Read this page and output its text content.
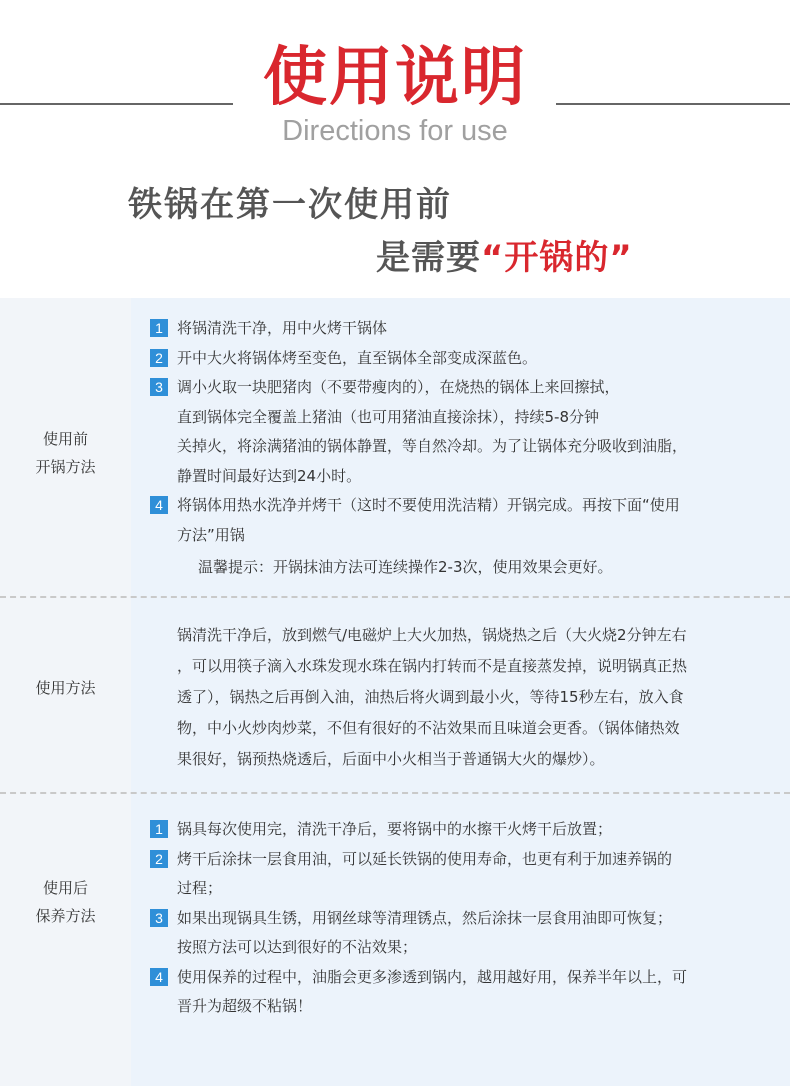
使用说明
Directions for use
铁锅在第一次使用前
是需要“开锅的”
使用前
开锅方法
1 将锅清洗干净，用中火烤干锅体
2 开中大火将锅体烤至变色，直至锅体全部变成深蓝色。
3 调小火取一块肥猪肉（不要带瘦肉的），在烧热的锅体上来回擦拭，
直到锅体完全覆盖上猪油（也可用猪油直接涂抹），持续5-8分钟
关掉火，将涂满猪油的锅体静置，等自然冷却。为了让锅体充分吸收到油脂，
静置时间最好达到24小时。
4 将锅体用热水洗净并烤干（这时不要使用洗洁精）开锅完成。再按下面“使用
方法”用锅
温馨提示：开锅抹油方法可连续操作2-3次，使用效果会更好。
使用方法
锅清洗干净后，放到燃气/电磁炉上大火加热，锅烧热之后（大火烧2分钟左右
，可以用筷子滴入水珠发现水珠在锅内打转而不是直接蒸发掉，说明锅真正热
透了），锅热之后再倒入油，油热后将火调到最小火，等待15秒左右，放入食
物，中小火炒肉炒菜，不但有很好的不沾效果而且味道会更香。（锅体储热效
果很好，锅预热烧透后，后面中小火相当于普通锅大火的爆炒）。
使用后
保养方法
1 锅具每次使用完，清洗干净后，要将锅中的水擦干火烤干后放置；
2 烤干后涂抹一层食用油，可以延长铁锅的使用寿命，也更有利于加速养锅的
过程；
3 如果出现锅具生锈，用钢丝球等清理锈点，然后涂抹一层食用油即可恢复；
按照方法可以达到很好的不沾效果；
4 使用保养的过程中，油脂会更多渗透到锅内，越用越好用，保养半年以上，可
晋升为超级不粘锅！
